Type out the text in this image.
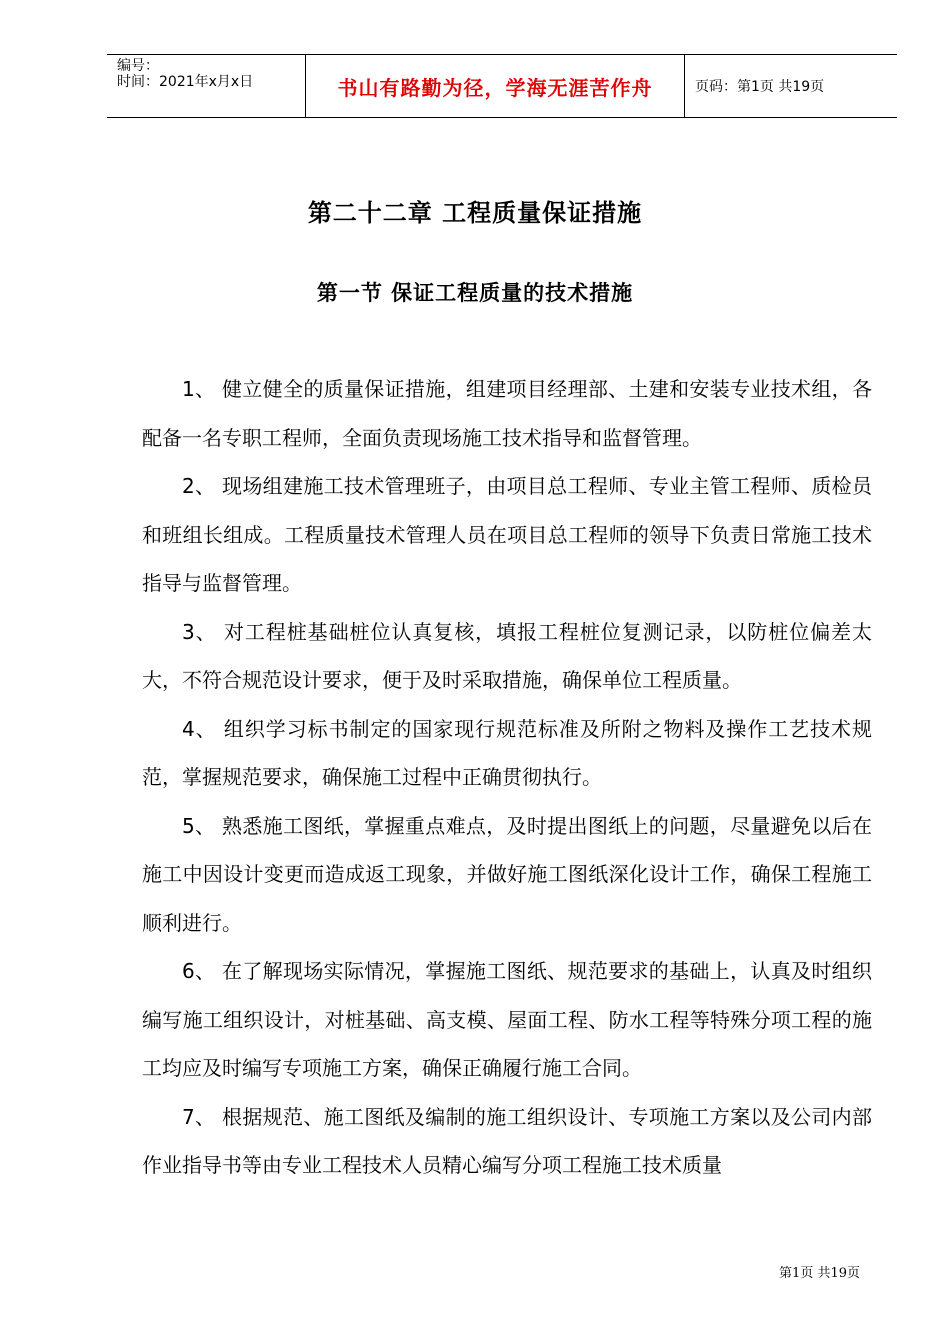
编号：
时间：2021年x月x日	书山有路勤为径，学海无涯苦作舟	页码：第1页 共19页
第二十二章 工程质量保证措施
第一节 保证工程质量的技术措施

1、 健立健全的质量保证措施，组建项目经理部、土建和安装专业技术组，各配备一名专职工程师，全面负责现场施工技术指导和监督管理。

2、 现场组建施工技术管理班子，由项目总工程师、专业主管工程师、质检员和班组长组成。工程质量技术管理人员在项目总工程师的领导下负责日常施工技术指导与监督管理。

3、 对工程桩基础桩位认真复核，填报工程桩位复测记录，以防桩位偏差太大，不符合规范设计要求，便于及时采取措施，确保单位工程质量。

4、 组织学习标书制定的国家现行规范标准及所附之物料及操作工艺技术规范，掌握规范要求，确保施工过程中正确贯彻执行。

5、 熟悉施工图纸，掌握重点难点，及时提出图纸上的问题，尽量避免以后在施工中因设计变更而造成返工现象，并做好施工图纸深化设计工作，确保工程施工顺利进行。

6、 在了解现场实际情况，掌握施工图纸、规范要求的基础上，认真及时组织编写施工组织设计，对桩基础、高支模、屋面工程、防水工程等特殊分项工程的施工均应及时编写专项施工方案，确保正确履行施工合同。

7、 根据规范、施工图纸及编制的施工组织设计、专项施工方案以及公司内部作业指导书等由专业工程技术人员精心编写分项工程施工技术质量

第1页 共19页
